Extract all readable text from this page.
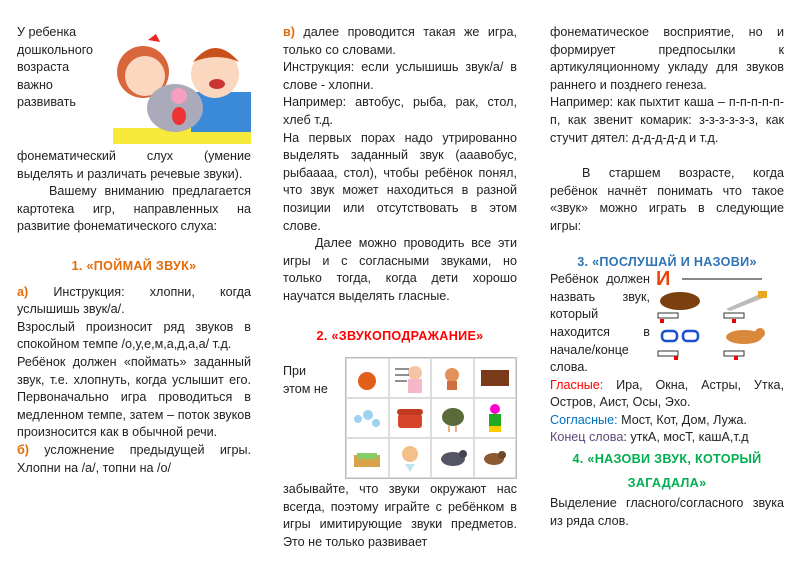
У ребенка
дошкольного
возраста
важно
развивать

фонематический слух (умение выделять и различать речевые звуки).

Вашему вниманию предлагается картотека игр, направленных на развитие фонематического слуха:

1. «ПОЙМАЙ ЗВУК»

а) Инструкция: хлопни, когда услышишь звук/а/.

Взрослый произносит ряд звуков в спокойном темпе /о,у,е,м,а,д,а,а/ т.д.

Ребёнок должен «поймать» заданный звук, т.е. хлопнуть, когда услышит его. Первоначально игра проводиться в медленном темпе, затем – поток звуков произносится как в обычной речи.

б) усложнение предыдущей игры. Хлопни на /а/, топни на /о/

в) далее проводится такая же игра, только со словами.

Инструкция: если услышишь звук/а/ в слове - хлопни.

Например: автобус, рыба, рак, стол, хлеб т.д.

На первых порах надо утрированно выделять заданный звук (ааавобус, рыбаааа, стол), чтобы ребёнок понял, что звук может находиться в разной позиции или отсутствовать в этом слове.

Далее можно проводить все эти игры и с согласными звуками, но только тогда, когда дети хорошо научатся выделять гласные.

2. «ЗВУКОПОДРАЖАНИЕ»

При
этом не

забывайте, что звуки окружают нас всегда, поэтому играйте с ребёнком в игры имитирующие звуки предметов. Это не только развивает

фонематическое восприятие, но и формирует предпосылки к артикуляционному укладу для звуков раннего и позднего генеза.

Например: как пыхтит каша – п-п-п-п-п-п, как звенит комарик: з-з-з-з-з-з, как стучит дятел: д-д-д-д-д и т.д.

В старшем возрасте, когда ребёнок начнёт понимать что такое «звук» можно играть в следующие игры:

3. «ПОСЛУШАЙ И НАЗОВИ»

И

Ребёнок должен назвать звук, который находится в начале/конце слова.

Гласные: Ира, Окна, Астры, Утка, Остров, Аист, Осы, Эхо.

Согласные: Мост, Кот, Дом, Лужа.

Конец слова: уткА, мосТ, кашА,т.д

4. «НАЗОВИ ЗВУК, КОТОРЫЙ ЗАГАДАЛА»

Выделение гласного/согласного звука из ряда слов.
